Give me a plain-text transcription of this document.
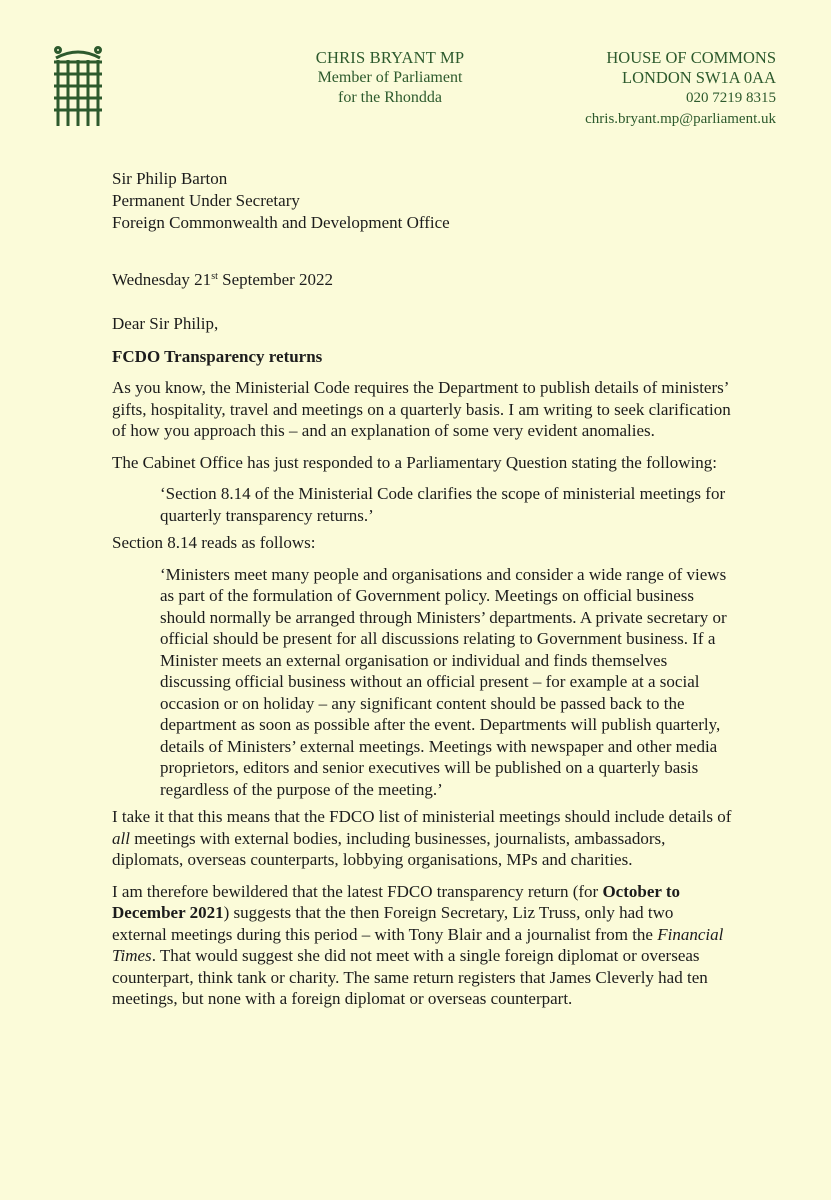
CHRIS BRYANT MP
Member of Parliament
for the Rhondda
HOUSE OF COMMONS
LONDON SW1A 0AA
020 7219 8315
chris.bryant.mp@parliament.uk
Sir Philip Barton
Permanent Under Secretary
Foreign Commonwealth and Development Office
Wednesday 21st September 2022

Dear Sir Philip,

FCDO Transparency returns

As you know, the Ministerial Code requires the Department to publish details of ministers’ gifts, hospitality, travel and meetings on a quarterly basis. I am writing to seek clarification of how you approach this – and an explanation of some very evident anomalies.

The Cabinet Office has just responded to a Parliamentary Question stating the following:

‘Section 8.14 of the Ministerial Code clarifies the scope of ministerial meetings for quarterly transparency returns.’

Section 8.14 reads as follows:

‘Ministers meet many people and organisations and consider a wide range of views as part of the formulation of Government policy. Meetings on official business should normally be arranged through Ministers’ departments. A private secretary or official should be present for all discussions relating to Government business. If a Minister meets an external organisation or individual and finds themselves discussing official business without an official present – for example at a social occasion or on holiday – any significant content should be passed back to the department as soon as possible after the event. Departments will publish quarterly, details of Ministers’ external meetings. Meetings with newspaper and other media proprietors, editors and senior executives will be published on a quarterly basis regardless of the purpose of the meeting.’

I take it that this means that the FDCO list of ministerial meetings should include details of all meetings with external bodies, including businesses, journalists, ambassadors, diplomats, overseas counterparts, lobbying organisations, MPs and charities.

I am therefore bewildered that the latest FDCO transparency return (for October to December 2021) suggests that the then Foreign Secretary, Liz Truss, only had two external meetings during this period – with Tony Blair and a journalist from the Financial Times. That would suggest she did not meet with a single foreign diplomat or overseas counterpart, think tank or charity. The same return registers that James Cleverly had ten meetings, but none with a foreign diplomat or overseas counterpart.
